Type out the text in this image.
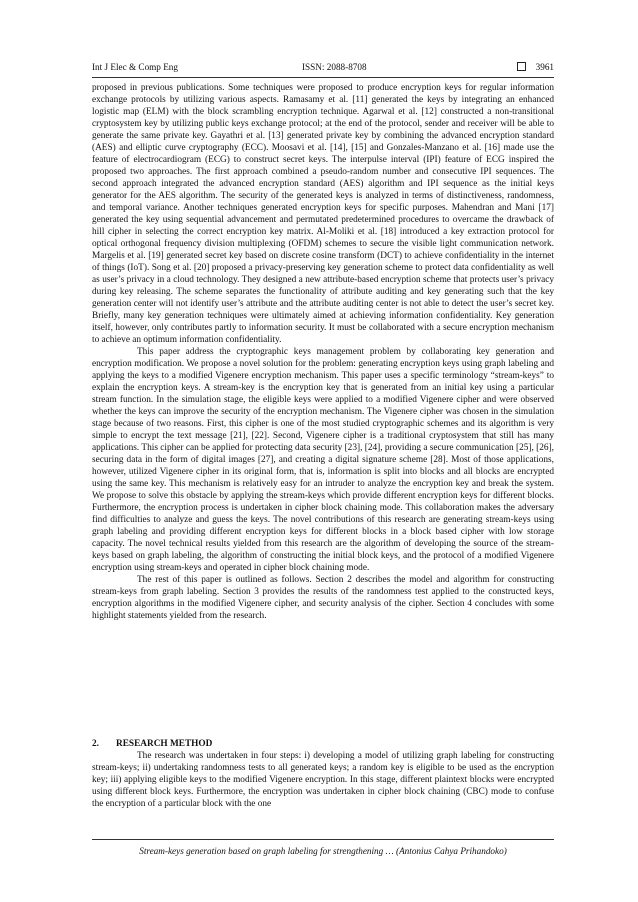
Int J Elec & Comp Eng	ISSN: 2088-8708	3961

proposed in previous publications. Some techniques were proposed to produce encryption keys for regular information exchange protocols by utilizing various aspects. Ramasamy et al. [11] generated the keys by integrating an enhanced logistic map (ELM) with the block scrambling encryption technique. Agarwal et al. [12] constructed a non-transitional cryptosystem key by utilizing public keys exchange protocol; at the end of the protocol, sender and receiver will be able to generate the same private key. Gayathri et al. [13] generated private key by combining the advanced encryption standard (AES) and elliptic curve cryptography (ECC). Moosavi et al. [14], [15] and Gonzales-Manzano et al. [16] made use the feature of electrocardiogram (ECG) to construct secret keys. The interpulse interval (IPI) feature of ECG inspired the proposed two approaches. The first approach combined a pseudo-random number and consecutive IPI sequences. The second approach integrated the advanced encryption standard (AES) algorithm and IPI sequence as the initial keys generator for the AES algorithm. The security of the generated keys is analyzed in terms of distinctiveness, randomness, and temporal variance. Another techniques generated encryption keys for specific purposes. Mahendran and Mani [17] generated the key using sequential advancement and permutated predetermined procedures to overcame the drawback of hill cipher in selecting the correct encryption key matrix. Al-Moliki et al. [18] introduced a key extraction protocol for optical orthogonal frequency division multiplexing (OFDM) schemes to secure the visible light communication network. Margelis et al. [19] generated secret key based on discrete cosine transform (DCT) to achieve confidentiality in the internet of things (IoT). Song et al. [20] proposed a privacy-preserving key generation scheme to protect data confidentiality as well as user’s privacy in a cloud technology. They designed a new attribute-based encryption scheme that protects user’s privacy during key releasing. The scheme separates the functionality of attribute auditing and key generating such that the key generation center will not identify user’s attribute and the attribute auditing center is not able to detect the user’s secret key. Briefly, many key generation techniques were ultimately aimed at achieving information confidentiality. Key generation itself, however, only contributes partly to information security. It must be collaborated with a secure encryption mechanism to achieve an optimum information confidentiality.

This paper address the cryptographic keys management problem by collaborating key generation and encryption modification. We propose a novel solution for the problem: generating encryption keys using graph labeling and applying the keys to a modified Vigenere encryption mechanism. This paper uses a specific terminology “stream-keys” to explain the encryption keys. A stream-key is the encryption key that is generated from an initial key using a particular stream function. In the simulation stage, the eligible keys were applied to a modified Vigenere cipher and were observed whether the keys can improve the security of the encryption mechanism. The Vigenere cipher was chosen in the simulation stage because of two reasons. First, this cipher is one of the most studied cryptographic schemes and its algorithm is very simple to encrypt the text message [21], [22]. Second, Vigenere cipher is a traditional cryptosystem that still has many applications. This cipher can be applied for protecting data security [23], [24], providing a secure communication [25], [26], securing data in the form of digital images [27], and creating a digital signature scheme [28]. Most of those applications, however, utilized Vigenere cipher in its original form, that is, information is split into blocks and all blocks are encrypted using the same key. This mechanism is relatively easy for an intruder to analyze the encryption key and break the system. We propose to solve this obstacle by applying the stream-keys which provide different encryption keys for different blocks. Furthermore, the encryption process is undertaken in cipher block chaining mode. This collaboration makes the adversary find difficulties to analyze and guess the keys. The novel contributions of this research are generating stream-keys using graph labeling and providing different encryption keys for different blocks in a block based cipher with low storage capacity. The novel technical results yielded from this research are the algorithm of developing the source of the stream-keys based on graph labeling, the algorithm of constructing the initial block keys, and the protocol of a modified Vigenere encryption using stream-keys and operated in cipher block chaining mode.

The rest of this paper is outlined as follows. Section 2 describes the model and algorithm for constructing stream-keys from graph labeling. Section 3 provides the results of the randomness test applied to the constructed keys, encryption algorithms in the modified Vigenere cipher, and security analysis of the cipher. Section 4 concludes with some highlight statements yielded from the research.

2. RESEARCH METHOD

The research was undertaken in four steps: i) developing a model of utilizing graph labeling for constructing stream-keys; ii) undertaking randomness tests to all generated keys; a random key is eligible to be used as the encryption key; iii) applying eligible keys to the modified Vigenere encryption. In this stage, different plaintext blocks were encrypted using different block keys. Furthermore, the encryption was undertaken in cipher block chaining (CBC) mode to confuse the encryption of a particular block with the one

Stream-keys generation based on graph labeling for strengthening … (Antonius Cahya Prihandoko)
